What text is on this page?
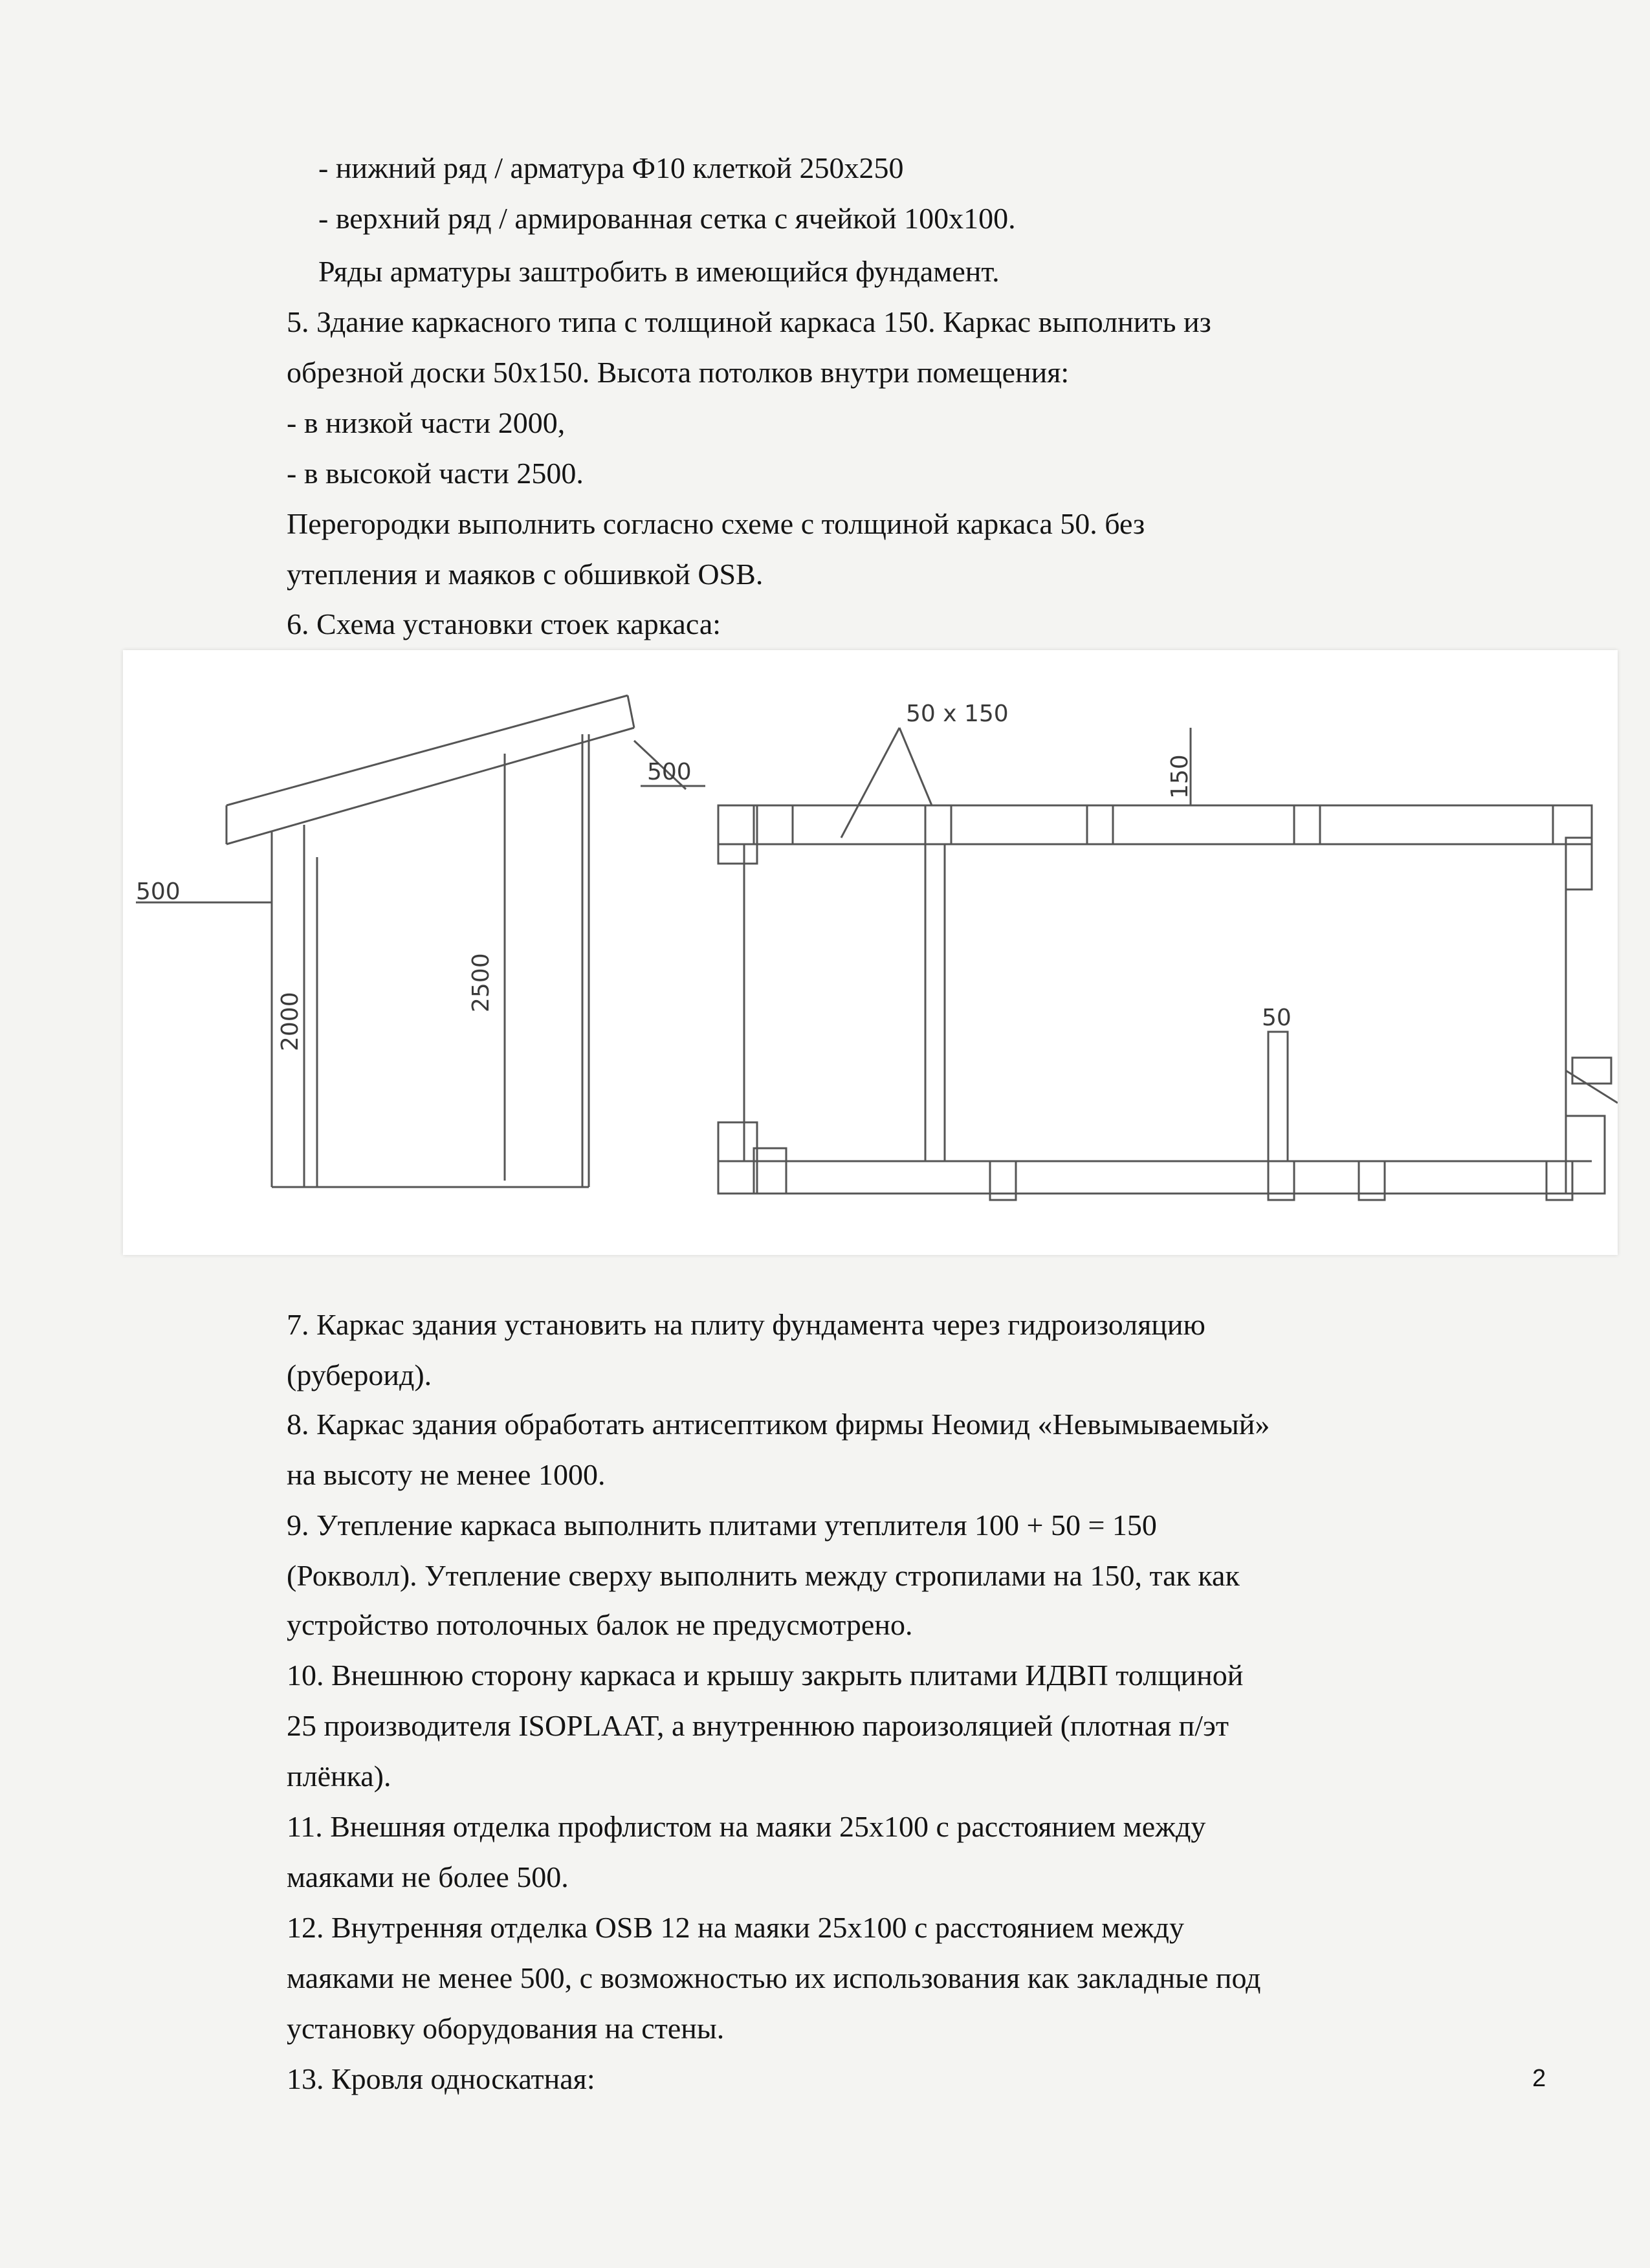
- нижний ряд / арматура Ф10 клеткой 250х250
- верхний ряд / армированная сетка с ячейкой 100х100.
Ряды арматуры заштробить в имеющийся фундамент.
5. Здание каркасного типа с толщиной каркаса 150. Каркас выполнить из
обрезной доски 50х150. Высота потолков внутри помещения:
- в низкой части 2000,
- в высокой части 2500.
Перегородки выполнить согласно схеме с толщиной каркаса 50. без
утепления и маяков с обшивкой OSB.
6. Схема установки стоек каркаса:
500
500
2000
2500
50 x 150
150
50
7. Каркас здания установить на плиту фундамента через гидроизоляцию
(рубероид).
8. Каркас здания обработать антисептиком фирмы Неомид «Невымываемый»
на высоту не менее 1000.
9. Утепление каркаса выполнить плитами утеплителя 100 + 50 = 150
(Рокволл). Утепление сверху выполнить между стропилами на 150, так как
устройство потолочных балок не предусмотрено.
10. Внешнюю сторону каркаса и крышу закрыть плитами ИДВП толщиной
25 производителя ISOPLAAT, а внутреннюю пароизоляцией (плотная п/эт
плёнка).
11. Внешняя отделка профлистом на маяки 25х100 с расстоянием между
маяками не более 500.
12. Внутренняя отделка OSB 12 на маяки 25х100 с расстоянием между
маяками не менее 500, с возможностью их использования как закладные под
установку оборудования на стены.
13. Кровля односкатная:	2
